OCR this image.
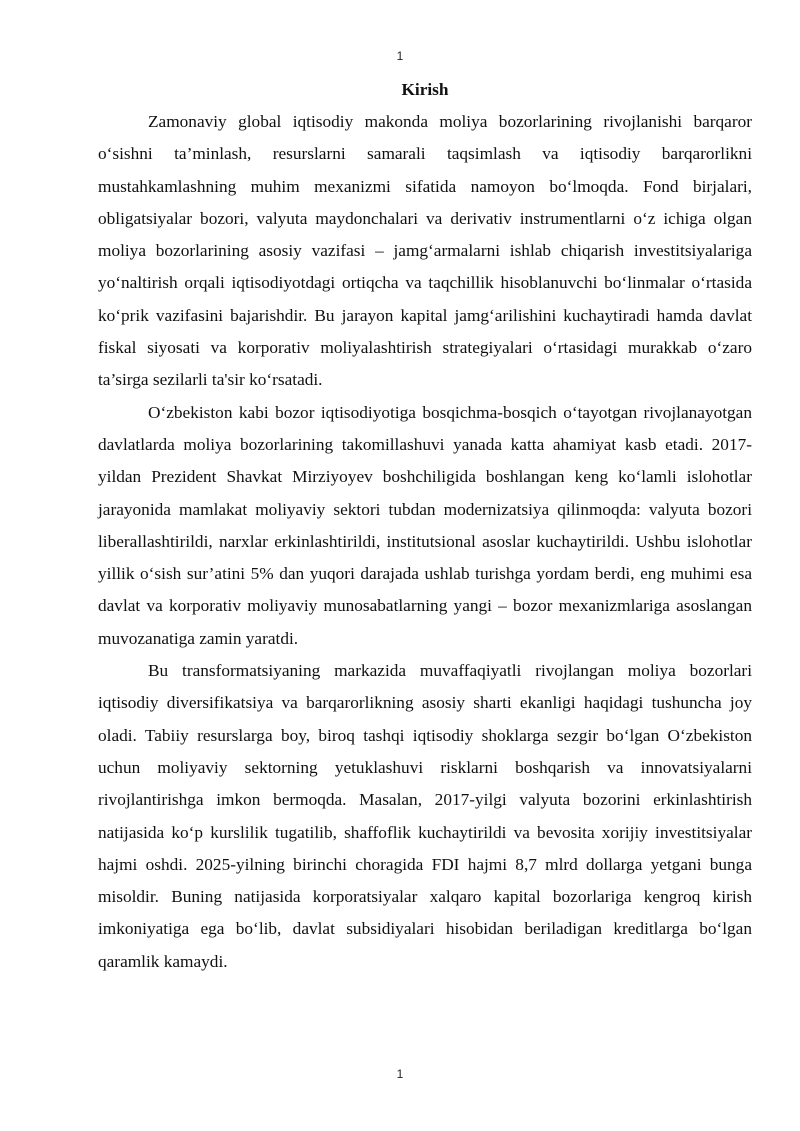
1
Kirish

Zamonaviy global iqtisodiy makonda moliya bozorlarining rivojlanishi barqaror o‘sishni ta’minlash, resurslarni samarali taqsimlash va iqtisodiy barqarorlikni mustahkamlashning muhim mexanizmi sifatida namoyon bo‘lmoqda. Fond birjalari, obligatsiyalar bozori, valyuta maydonchalari va derivativ instrumentlarni o‘z ichiga olgan moliya bozorlarining asosiy vazifasi – jamg‘armalarni ishlab chiqarish investitsiyalariga yo‘naltirish orqali iqtisodiyotdagi ortiqcha va taqchillik hisoblanuvchi bo‘linmalar o‘rtasida ko‘prik vazifasini bajarishdir. Bu jarayon kapital jamg‘arilishini kuchaytiradi hamda davlat fiskal siyosati va korporativ moliyalashtirish strategiyalari o‘rtasidagi murakkab o‘zaro ta’sirga sezilarli ta'sir ko‘rsatadi.

O‘zbekiston kabi bozor iqtisodiyotiga bosqichma-bosqich o‘tayotgan rivojlanayotgan davlatlarda moliya bozorlarining takomillashuvi yanada katta ahamiyat kasb etadi. 2017-yildan Prezident Shavkat Mirziyoyev boshchiligida boshlangan keng ko‘lamli islohotlar jarayonida mamlakat moliyaviy sektori tubdan modernizatsiya qilinmoqda: valyuta bozori liberallashtirildi, narxlar erkinlashtirildi, institutsional asoslar kuchaytirildi. Ushbu islohotlar yillik o‘sish sur’atini 5% dan yuqori darajada ushlab turishga yordam berdi, eng muhimi esa davlat va korporativ moliyaviy munosabatlarning yangi – bozor mexanizmlariga asoslangan muvozanatiga zamin yaratdi.

Bu transformatsiyaning markazida muvaffaqiyatli rivojlangan moliya bozorlari iqtisodiy diversifikatsiya va barqarorlikning asosiy sharti ekanligi haqidagi tushuncha joy oladi. Tabiiy resurslarga boy, biroq tashqi iqtisodiy shoklarga sezgir bo‘lgan O‘zbekiston uchun moliyaviy sektorning yetuklashuvi risklarni boshqarish va innovatsiyalarni rivojlantirishga imkon bermoqda. Masalan, 2017-yilgi valyuta bozorini erkinlashtirish natijasida ko‘p kurslilik tugatilib, shaffoflik kuchaytirildi va bevosita xorijiy investitsiyalar hajmi oshdi. 2025-yilning birinchi choragida FDI hajmi 8,7 mlrd dollarga yetgani bunga misoldir. Buning natijasida korporatsiyalar xalqaro kapital bozorlariga kengroq kirish imkoniyatiga ega bo‘lib, davlat subsidiyalari hisobidan beriladigan kreditlarga bo‘lgan qaramlik kamaydi.

1
